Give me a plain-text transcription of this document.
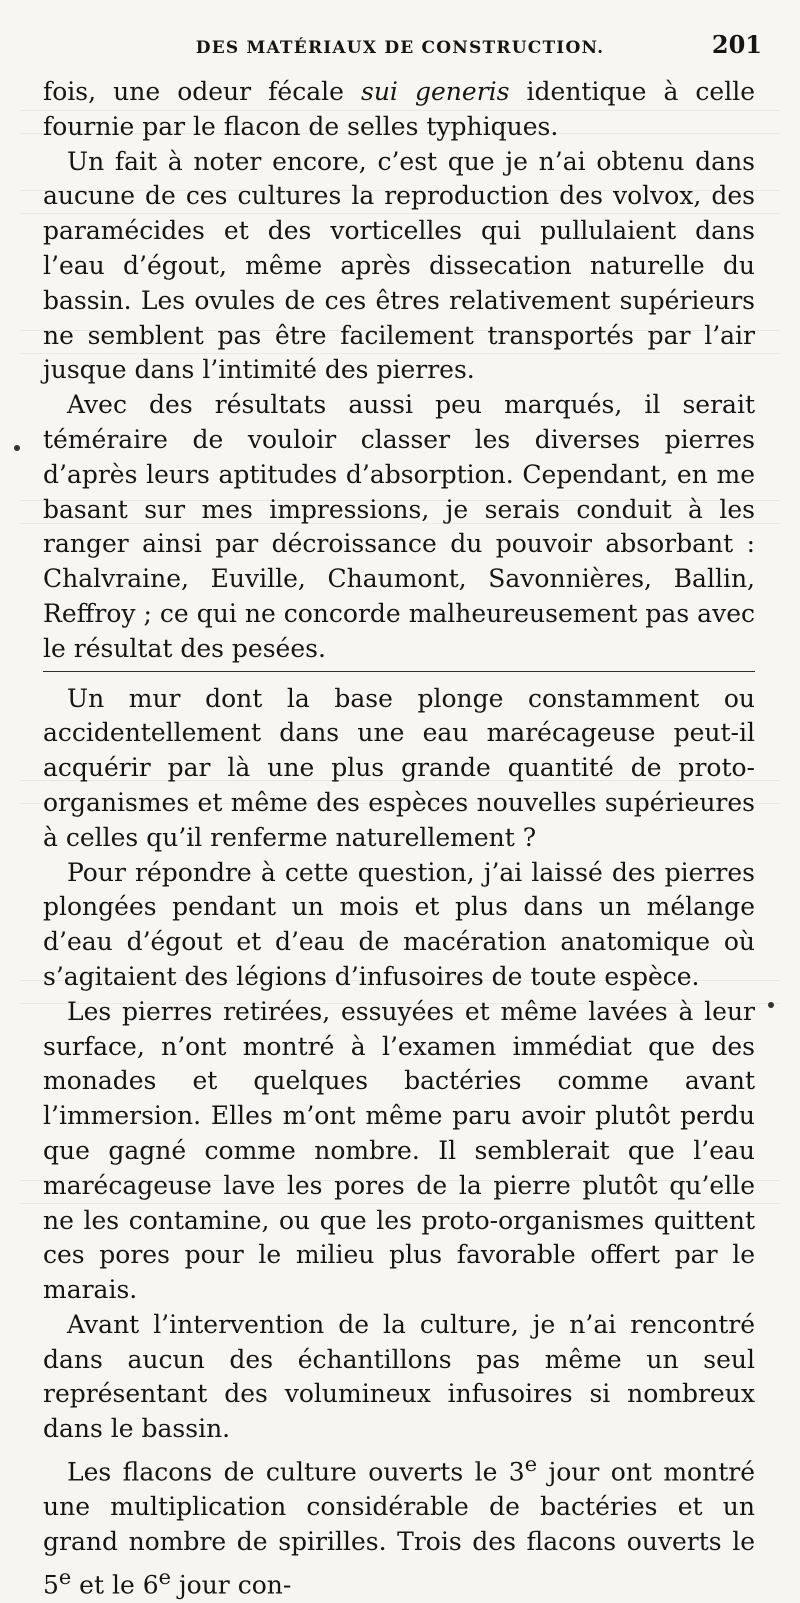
DES MATÉRIAUX DE CONSTRUCTION.	201

fois, une odeur fécale sui generis identique à celle fournie par le flacon de selles typhiques.

Un fait à noter encore, c’est que je n’ai obtenu dans aucune de ces cultures la reproduction des volvox, des paramécides et des vorticelles qui pullulaient dans l’eau d’égout, même après dissecation naturelle du bassin. Les ovules de ces êtres relativement supérieurs ne semblent pas être facilement transportés par l’air jusque dans l’intimité des pierres.

Avec des résultats aussi peu marqués, il serait téméraire de vouloir classer les diverses pierres d’après leurs aptitudes d’absorption. Cependant, en me basant sur mes impressions, je serais conduit à les ranger ainsi par décroissance du pouvoir absorbant : Chalvraine, Euville, Chaumont, Savonnières, Ballin, Reffroy ; ce qui ne concorde malheureusement pas avec le résultat des pesées.

Un mur dont la base plonge constamment ou accidentellement dans une eau marécageuse peut-il acquérir par là une plus grande quantité de proto-organismes et même des espèces nouvelles supérieures à celles qu’il renferme naturellement ?

Pour répondre à cette question, j’ai laissé des pierres plongées pendant un mois et plus dans un mélange d’eau d’égout et d’eau de macération anatomique où s’agitaient des légions d’infusoires de toute espèce.

Les pierres retirées, essuyées et même lavées à leur surface, n’ont montré à l’examen immédiat que des monades et quelques bactéries comme avant l’immersion. Elles m’ont même paru avoir plutôt perdu que gagné comme nombre. Il semblerait que l’eau marécageuse lave les pores de la pierre plutôt qu’elle ne les contamine, ou que les proto-organismes quittent ces pores pour le milieu plus favorable offert par le marais.

Avant l’intervention de la culture, je n’ai rencontré dans aucun des échantillons pas même un seul représentant des volumineux infusoires si nombreux dans le bassin.

Les flacons de culture ouverts le 3e jour ont montré une multiplication considérable de bactéries et un grand nombre de spirilles. Trois des flacons ouverts le 5e et le 6e jour con-
